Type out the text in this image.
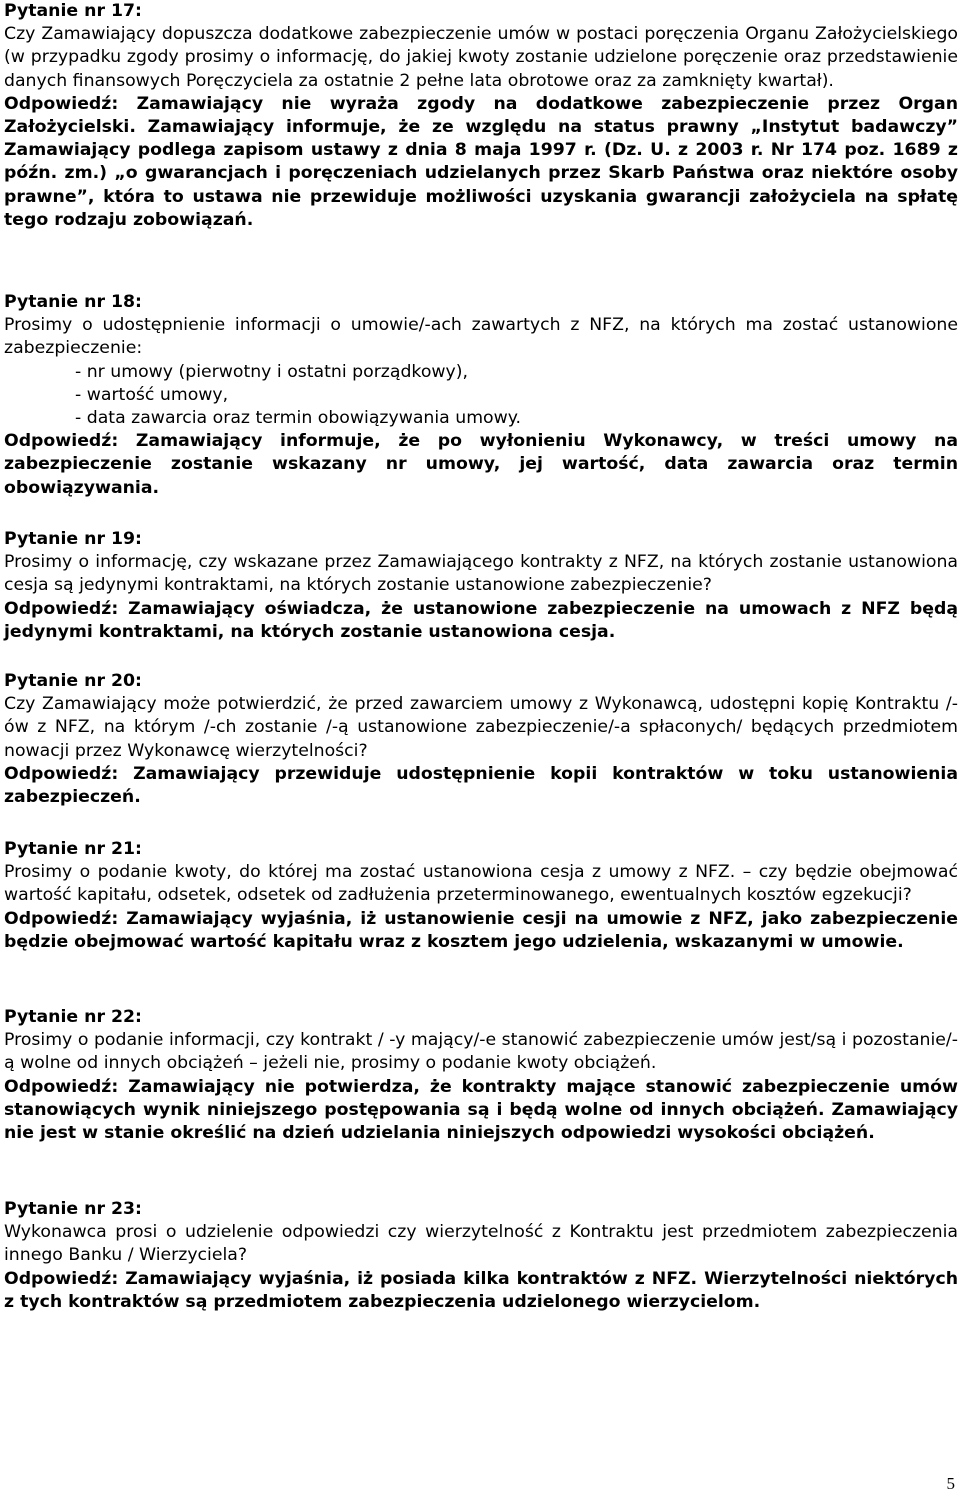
Pytanie nr 17:

Czy Zamawiający dopuszcza dodatkowe zabezpieczenie umów w postaci poręczenia Organu Założycielskiego (w przypadku zgody prosimy o informację, do jakiej kwoty zostanie udzielone poręczenie oraz przedstawienie danych finansowych Poręczyciela za ostatnie 2 pełne lata obrotowe oraz za zamknięty kwartał).

Odpowiedź: Zamawiający nie wyraża zgody na dodatkowe zabezpieczenie przez Organ Założycielski. Zamawiający informuje, że ze względu na status prawny „Instytut badawczy” Zamawiający podlega zapisom ustawy z dnia 8 maja 1997 r. (Dz. U. z 2003 r. Nr 174 poz. 1689 z późn. zm.) „o gwarancjach i poręczeniach udzielanych przez Skarb Państwa oraz niektóre osoby prawne”, która to ustawa nie przewiduje możliwości uzyskania gwarancji założyciela na spłatę tego rodzaju zobowiązań.

Pytanie nr 18:

Prosimy o udostępnienie informacji o umowie/-ach zawartych z NFZ, na których ma zostać ustanowione zabezpieczenie:

- nr umowy (pierwotny i ostatni porządkowy),
- wartość umowy,
- data zawarcia oraz termin obowiązywania umowy.

Odpowiedź: Zamawiający informuje, że po wyłonieniu Wykonawcy, w treści umowy na zabezpieczenie zostanie wskazany nr umowy, jej wartość, data zawarcia oraz termin obowiązywania.

Pytanie nr 19:

Prosimy o informację, czy wskazane przez Zamawiającego kontrakty z NFZ, na których zostanie ustanowiona cesja są jedynymi kontraktami, na których zostanie ustanowione zabezpieczenie?

Odpowiedź: Zamawiający oświadcza, że ustanowione zabezpieczenie na umowach z NFZ będą jedynymi kontraktami, na których zostanie ustanowiona cesja.

Pytanie nr 20:

Czy Zamawiający może potwierdzić, że przed zawarciem umowy z Wykonawcą, udostępni kopię Kontraktu /-ów z NFZ, na którym /-ch zostanie /-ą ustanowione zabezpieczenie/-a spłaconych/ będących przedmiotem nowacji przez Wykonawcę wierzytelności?

Odpowiedź: Zamawiający przewiduje udostępnienie kopii kontraktów w toku ustanowienia zabezpieczeń.

Pytanie nr 21:

Prosimy o podanie kwoty, do której ma zostać ustanowiona cesja z umowy z NFZ. – czy będzie obejmować wartość kapitału, odsetek, odsetek od zadłużenia przeterminowanego, ewentualnych kosztów egzekucji?

Odpowiedź: Zamawiający wyjaśnia, iż ustanowienie cesji na umowie z NFZ, jako zabezpieczenie będzie obejmować wartość kapitału wraz z kosztem jego udzielenia, wskazanymi w umowie.

Pytanie nr 22:

Prosimy o podanie informacji, czy kontrakt / -y mający/-e stanowić zabezpieczenie umów jest/są i pozostanie/-ą wolne od innych obciążeń – jeżeli nie, prosimy o podanie kwoty obciążeń.

Odpowiedź: Zamawiający nie potwierdza, że kontrakty mające stanowić zabezpieczenie umów stanowiących wynik niniejszego postępowania są i będą wolne od innych obciążeń. Zamawiający nie jest w stanie określić na dzień udzielania niniejszych odpowiedzi wysokości obciążeń.

Pytanie nr 23:

Wykonawca prosi o udzielenie odpowiedzi czy wierzytelność z Kontraktu jest przedmiotem zabezpieczenia innego Banku / Wierzyciela?

Odpowiedź: Zamawiający wyjaśnia, iż posiada kilka kontraktów z NFZ. Wierzytelności niektórych z tych kontraktów są przedmiotem zabezpieczenia udzielonego wierzycielom.

5
